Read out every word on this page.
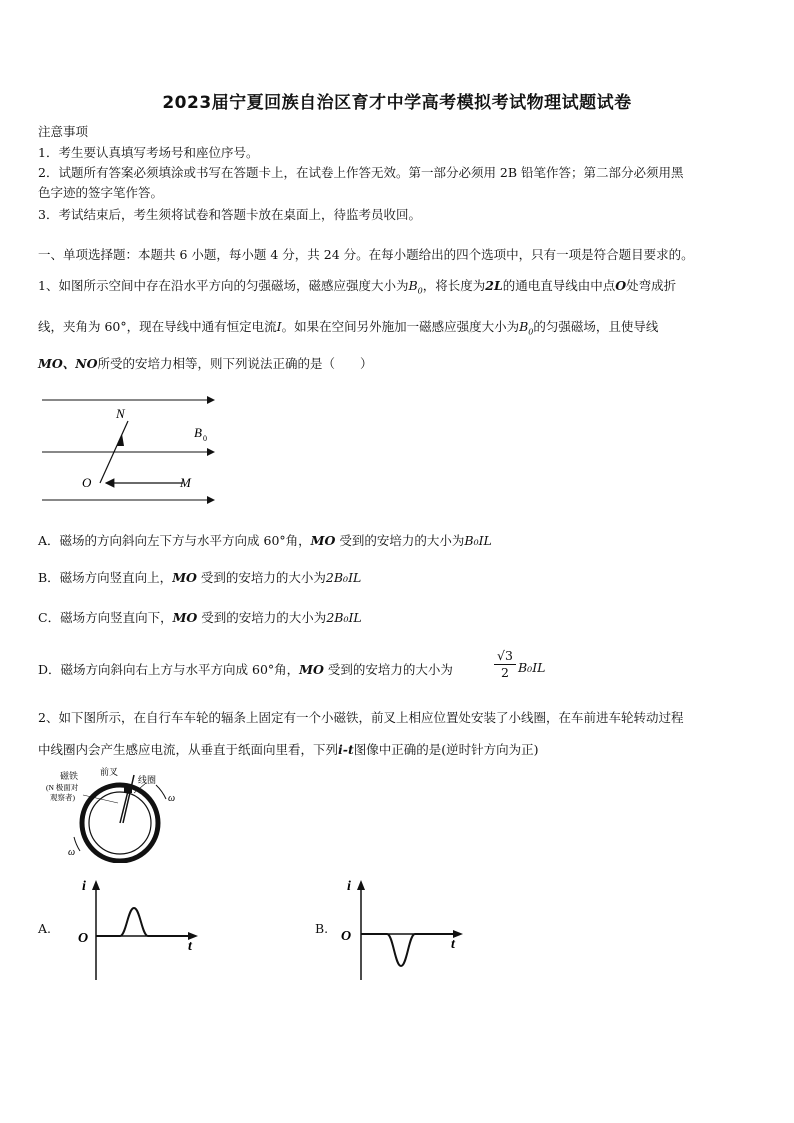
2023届宁夏回族自治区育才中学高考模拟考试物理试题试卷
注意事项
1．考生要认真填写考场号和座位序号。
2．试题所有答案必须填涂或书写在答题卡上，在试卷上作答无效。第一部分必须用 2B 铅笔作答；第二部分必须用黑
色字迹的签字笔作答。
3．考试结束后，考生须将试卷和答题卡放在桌面上，待监考员收回。
一、单项选择题：本题共 6 小题，每小题 4 分，共 24 分。在每小题给出的四个选项中，只有一项是符合题目要求的。
1、如图所示空间中存在沿水平方向的匀强磁场，磁感应强度大小为$B_0$，将长度为2L的通电直导线由中点O处弯成折
线，夹角为 60°，现在导线中通有恒定电流I。如果在空间另外施加一磁感应强度大小为$B_0$的匀强磁场，且使导线
MO、NO所受的安培力相等，则下列说法正确的是（　　）
N
O	M
B 0
A．磁场的方向斜向左下方与水平方向成 60°角，MO 受到的安培力的大小为B₀IL
B．磁场方向竖直向上，MO 受到的安培力的大小为2B₀IL
C．磁场方向竖直向下，MO 受到的安培力的大小为2B₀IL
D．磁场方向斜向右上方与水平方向成 60°角，MO 受到的安培力的大小为
√3
2 B₀IL
2、如下图所示，在自行车车轮的辐条上固定有一个小磁铁，前叉上相应位置处安装了小线圈，在车前进车轮转动过程
中线圈内会产生感应电流，从垂直于纸面向里看，下列i-t图像中正确的是(逆时针方向为正)
磁铁
(N 极面对
观察者)
前叉
线圈
ω
ω
A.
i
O
t
B.
i
O
t
